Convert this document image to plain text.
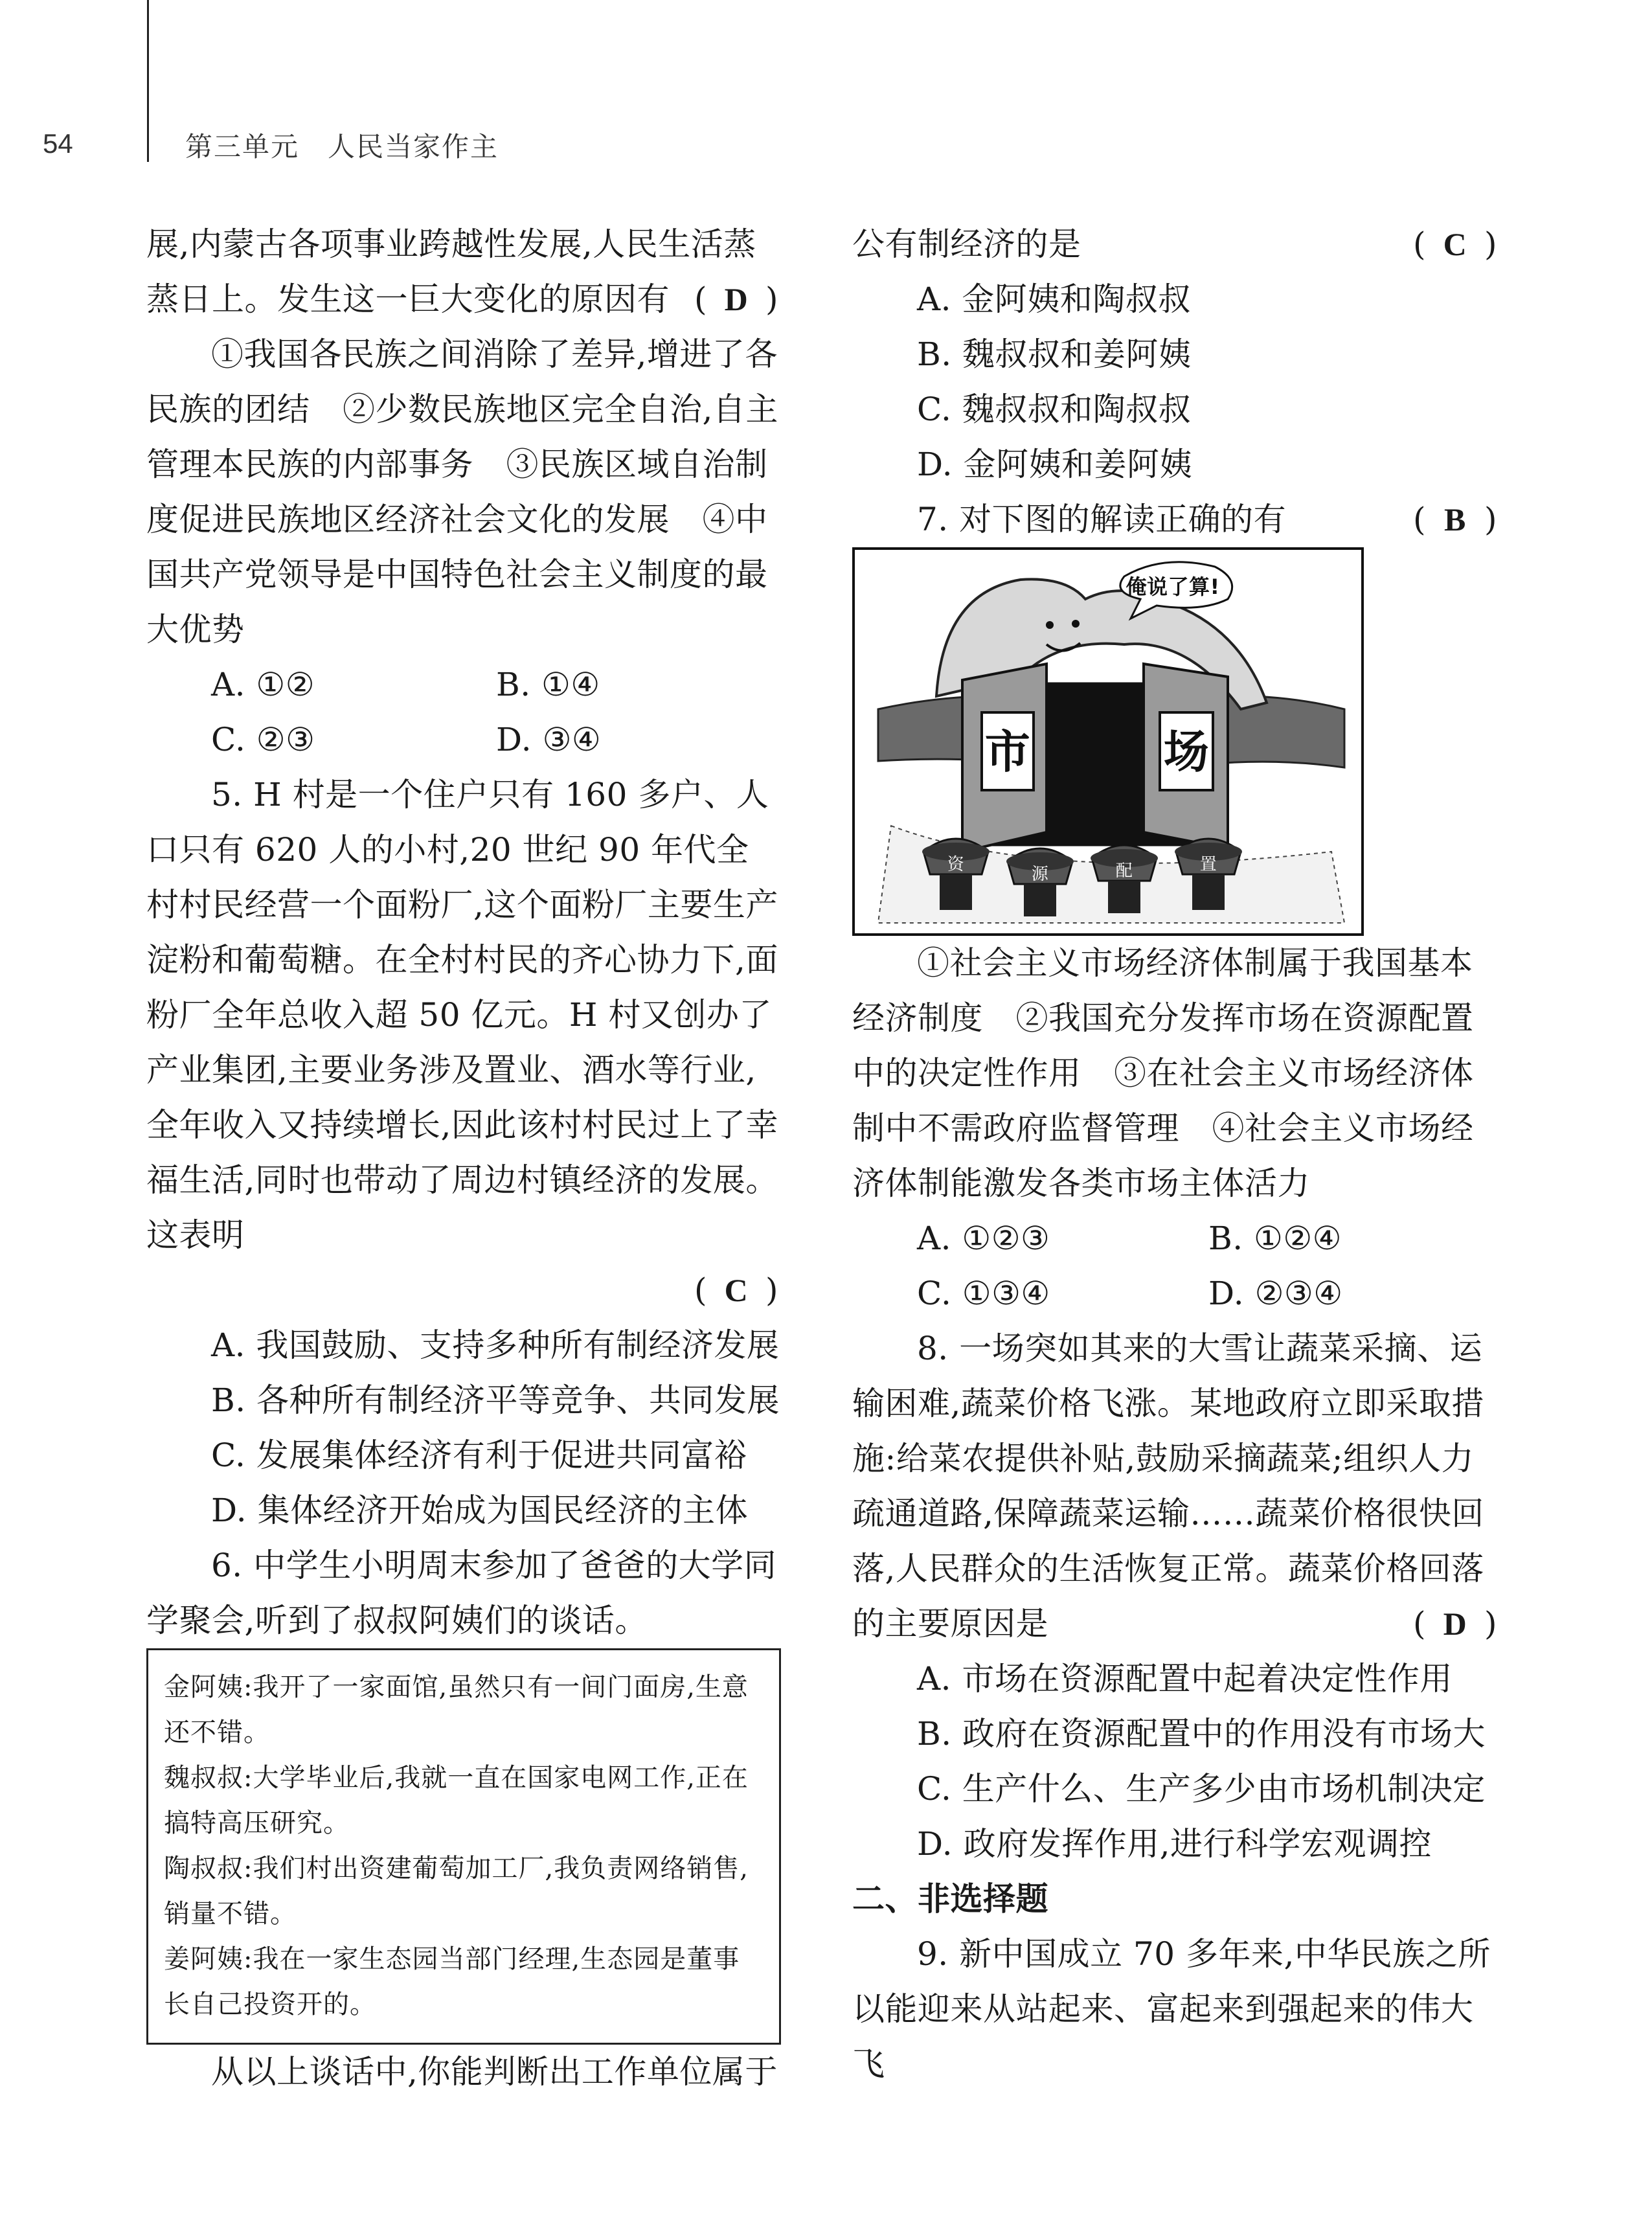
54	第三单元　人民当家作主

展,内蒙古各项事业跨越性发展,人民生活蒸

蒸日上。发生这一巨大变化的原因有 ( D )

①我国各民族之间消除了差异,增进了各民族的团结　②少数民族地区完全自治,自主管理本民族的内部事务　③民族区域自治制度促进民族地区经济社会文化的发展　④中国共产党领导是中国特色社会主义制度的最大优势

A. ①②	B. ①④
C. ②③	D. ③④

5. H 村是一个住户只有 160 多户、人口只有 620 人的小村,20 世纪 90 年代全村村民经营一个面粉厂,这个面粉厂主要生产淀粉和葡萄糖。在全村村民的齐心协力下,面粉厂全年总收入超 50 亿元。H 村又创办了产业集团,主要业务涉及置业、酒水等行业,全年收入又持续增长,因此该村村民过上了幸福生活,同时也带动了周边村镇经济的发展。这表明

( C )
A. 我国鼓励、支持多种所有制经济发展
B. 各种所有制经济平等竞争、共同发展
C. 发展集体经济有利于促进共同富裕
D. 集体经济开始成为国民经济的主体

6. 中学生小明周末参加了爸爸的大学同学聚会,听到了叔叔阿姨们的谈话。

金阿姨:我开了一家面馆,虽然只有一间门面房,生意还不错。
魏叔叔:大学毕业后,我就一直在国家电网工作,正在搞特高压研究。
陶叔叔:我们村出资建葡萄加工厂,我负责网络销售,销量不错。
姜阿姨:我在一家生态园当部门经理,生态园是董事长自己投资开的。

从以上谈话中,你能判断出工作单位属于

公有制经济的是	( C )
A. 金阿姨和陶叔叔
B. 魏叔叔和姜阿姨
C. 魏叔叔和陶叔叔
D. 金阿姨和姜阿姨
7. 对下图的解读正确的有	( B )
俺说了算!
市	场
资	源	配	置

①社会主义市场经济体制属于我国基本经济制度　②我国充分发挥市场在资源配置中的决定性作用　③在社会主义市场经济体制中不需政府监督管理　④社会主义市场经济体制能激发各类市场主体活力

A. ①②③	B. ①②④
C. ①③④	D. ②③④

8. 一场突如其来的大雪让蔬菜采摘、运输困难,蔬菜价格飞涨。某地政府立即采取措施:给菜农提供补贴,鼓励采摘蔬菜;组织人力疏通道路,保障蔬菜运输……蔬菜价格很快回落,人民群众的生活恢复正常。蔬菜价格回落

的主要原因是	( D )
A. 市场在资源配置中起着决定性作用
B. 政府在资源配置中的作用没有市场大
C. 生产什么、生产多少由市场机制决定
D. 政府发挥作用,进行科学宏观调控

二、非选择题

9. 新中国成立 70 多年来,中华民族之所以能迎来从站起来、富起来到强起来的伟大飞
